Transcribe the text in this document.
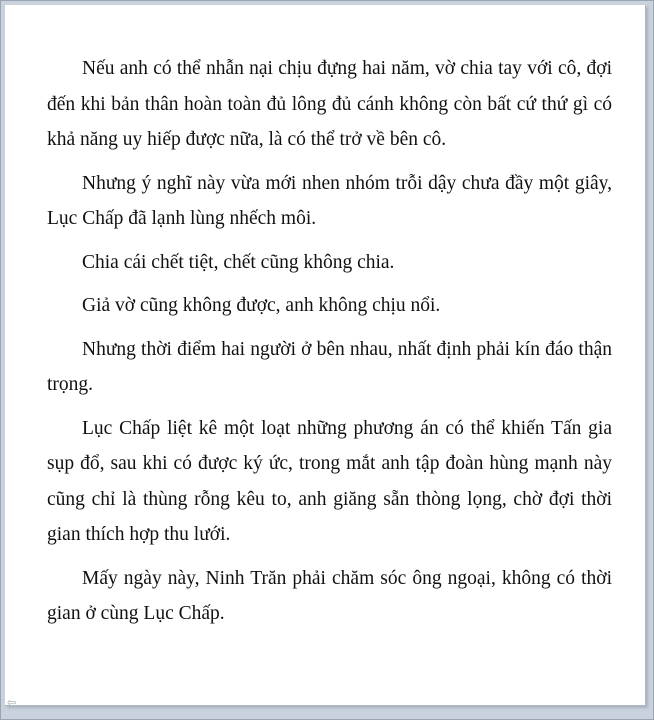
Nếu anh có thể nhẫn nại chịu đựng hai năm, vờ chia tay với cô, đợi đến khi bản thân hoàn toàn đủ lông đủ cánh không còn bất cứ thứ gì có khả năng uy hiếp được nữa, là có thể trở về bên cô.

Nhưng ý nghĩ này vừa mới nhen nhóm trỗi dậy chưa đầy một giây, Lục Chấp đã lạnh lùng nhếch môi.

Chia cái chết tiệt, chết cũng không chia.

Giả vờ cũng không được, anh không chịu nổi.

Nhưng thời điểm hai người ở bên nhau, nhất định phải kín đáo thận trọng.

Lục Chấp liệt kê một loạt những phương án có thể khiến Tấn gia sụp đổ, sau khi có được ký ức, trong mắt anh tập đoàn hùng mạnh này cũng chỉ là thùng rỗng kêu to, anh giăng sẵn thòng lọng, chờ đợi thời gian thích hợp thu lưới.

Mấy ngày này, Ninh Trăn phải chăm sóc ông ngoại, không có thời gian ở cùng Lục Chấp.

⇦
